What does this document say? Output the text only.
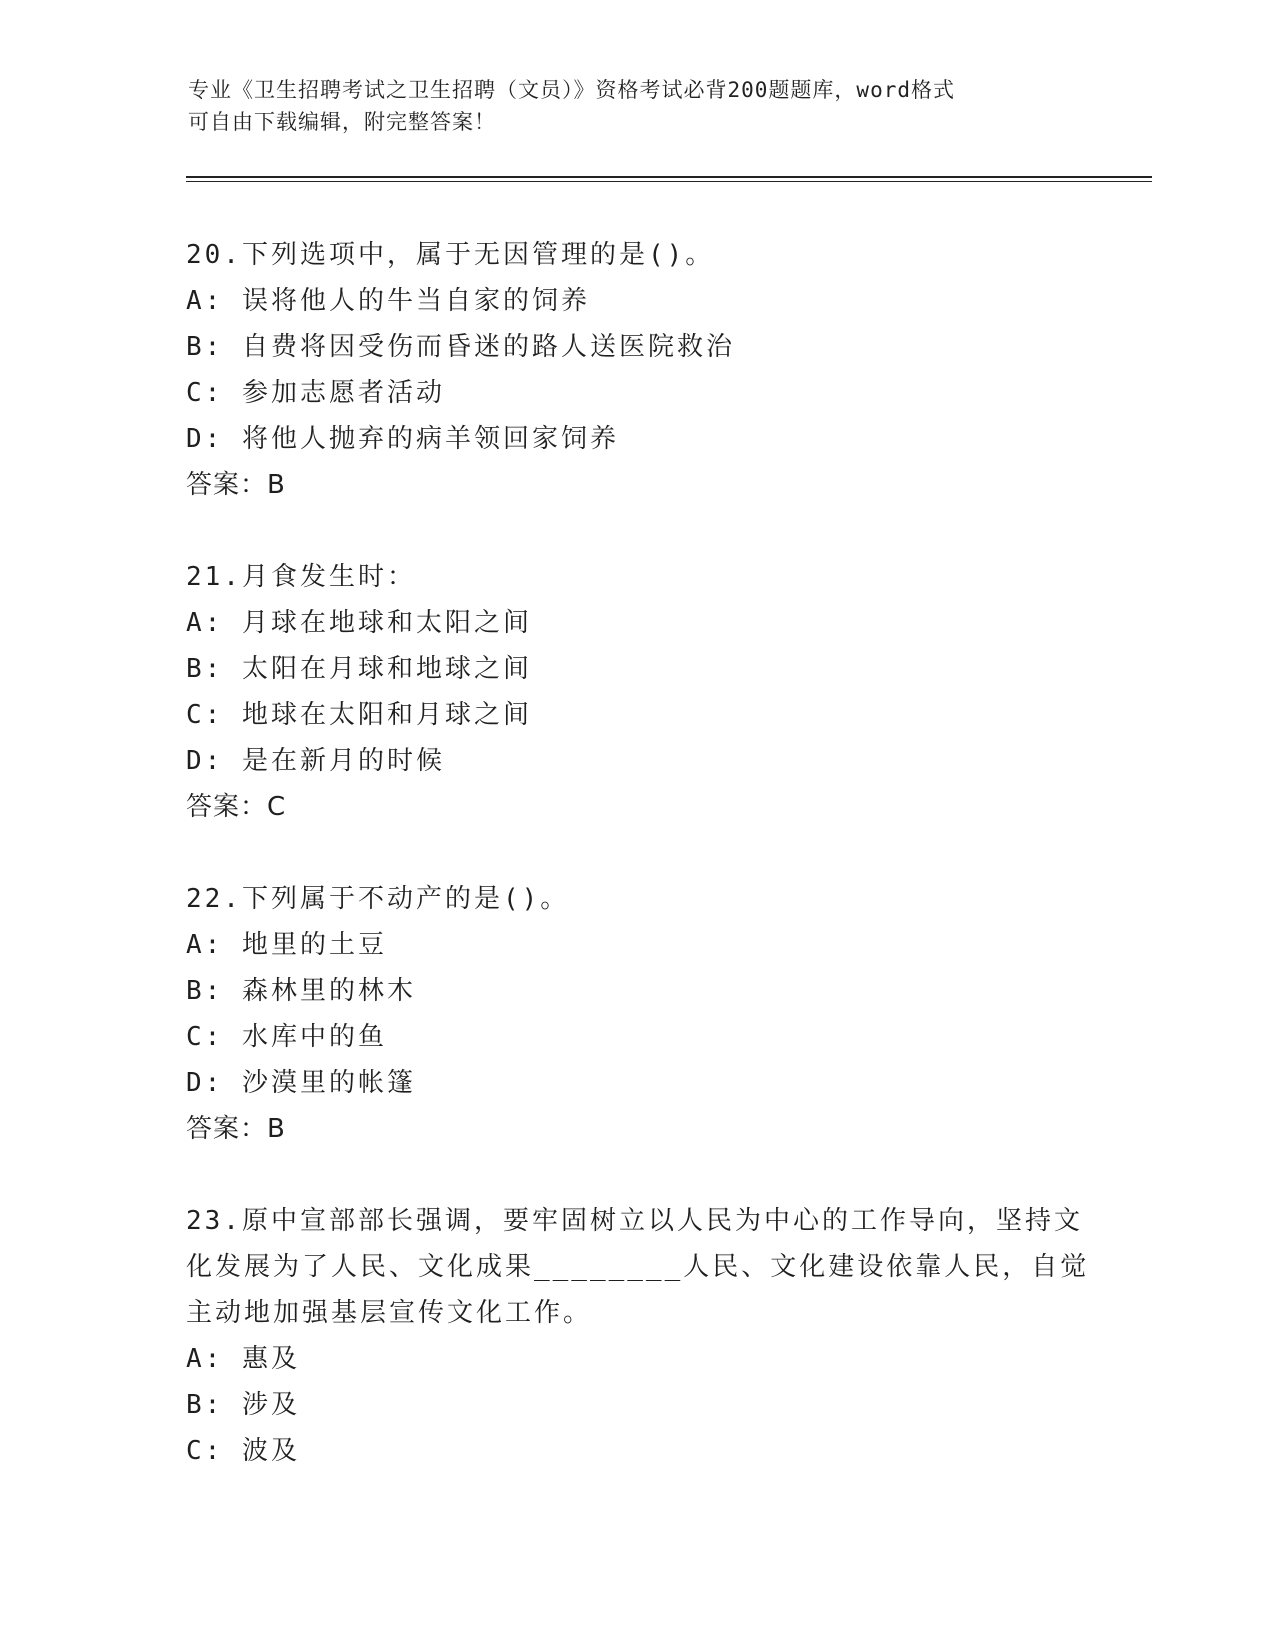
专业《卫生招聘考试之卫生招聘（文员）》资格考试必背200题题库，word格式
可自由下载编辑，附完整答案！
20.下列选项中，属于无因管理的是()。
A: 误将他人的牛当自家的饲养
B: 自费将因受伤而昏迷的路人送医院救治
C: 参加志愿者活动
D: 将他人抛弃的病羊领回家饲养
答案：B
21.月食发生时：
A: 月球在地球和太阳之间
B: 太阳在月球和地球之间
C: 地球在太阳和月球之间
D: 是在新月的时候
答案：C
22.下列属于不动产的是()。
A: 地里的土豆
B: 森林里的林木
C: 水库中的鱼
D: 沙漠里的帐篷
答案：B
23.原中宣部部长强调，要牢固树立以人民为中心的工作导向，坚持文
化发展为了人民、文化成果________人民、文化建设依靠人民，自觉
主动地加强基层宣传文化工作。
A: 惠及
B: 涉及
C: 波及
